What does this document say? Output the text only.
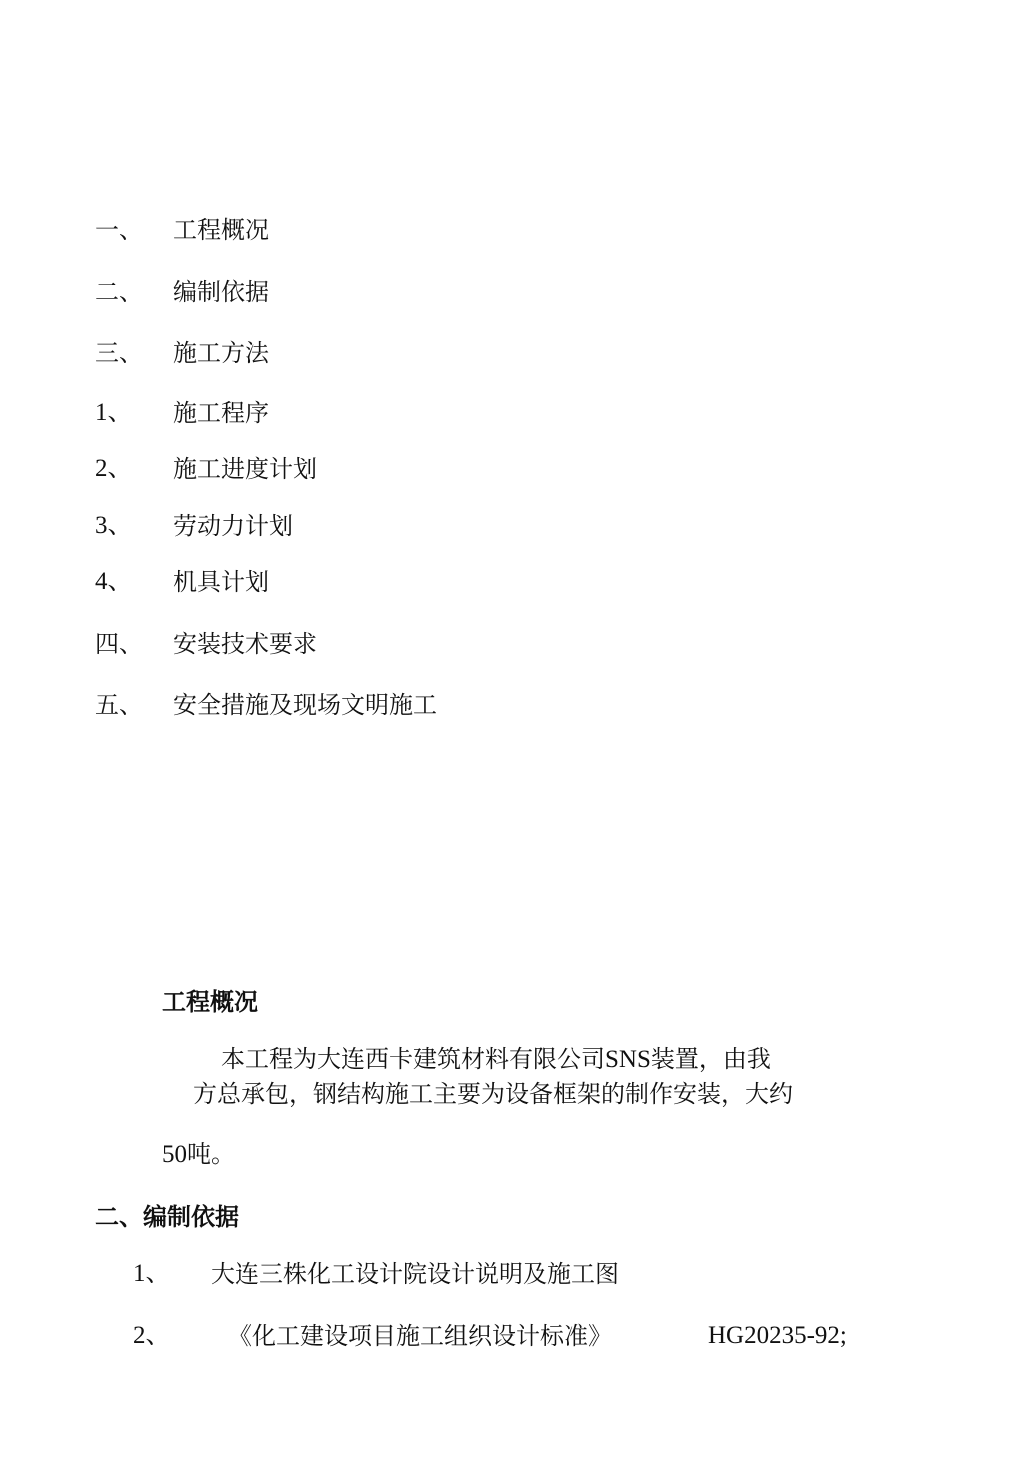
一、 工程概况
二、 编制依据
三、 施工方法
1、 施工程序
2、 施工进度计划
3、 劳动力计划
4、 机具计划
四、 安装技术要求
五、 安全措施及现场文明施工
工程概况
本工程为大连西卡建筑材料有限公司SNS装置，由我
方总承包，钢结构施工主要为设备框架的制作安装，大约
50吨。
二、编制依据
1、 大连三株化工设计院设计说明及施工图
2、 《化工建设项目施工组织设计标准》	HG20235-92;
